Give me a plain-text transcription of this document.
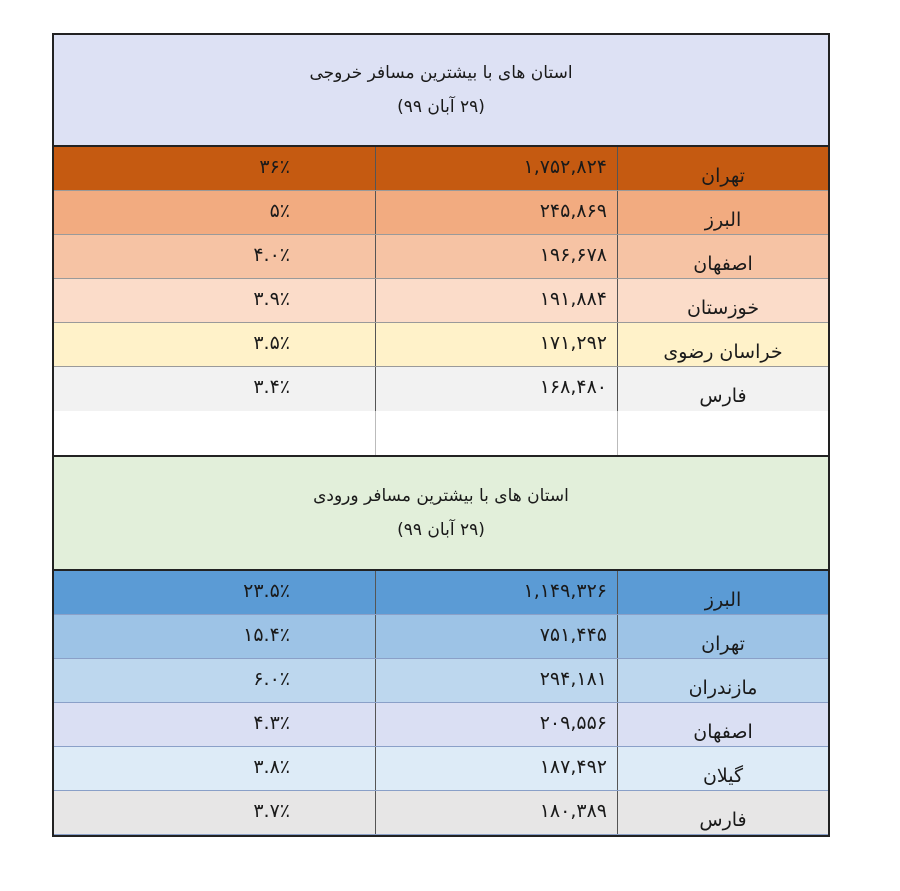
استان های با بیشترین مسافر خروجی
(۲۹ آبان ۹۹)
تهران
۱,۷۵۲,۸۲۴
۳۶٪
البرز
۲۴۵,۸۶۹
۵٪
اصفهان
۱۹۶,۶۷۸
۴.۰٪
خوزستان
۱۹۱,۸۸۴
۳.۹٪
خراسان رضوی
۱۷۱,۲۹۲
۳.۵٪
فارس
۱۶۸,۴۸۰
۳.۴٪
استان های با بیشترین مسافر ورودی
(۲۹ آبان ۹۹)
البرز
۱,۱۴۹,۳۲۶
۲۳.۵٪
تهران
۷۵۱,۴۴۵
۱۵.۴٪
مازندران
۲۹۴,۱۸۱
۶.۰٪
اصفهان
۲۰۹,۵۵۶
۴.۳٪
گیلان
۱۸۷,۴۹۲
۳.۸٪
فارس
۱۸۰,۳۸۹
۳.۷٪
